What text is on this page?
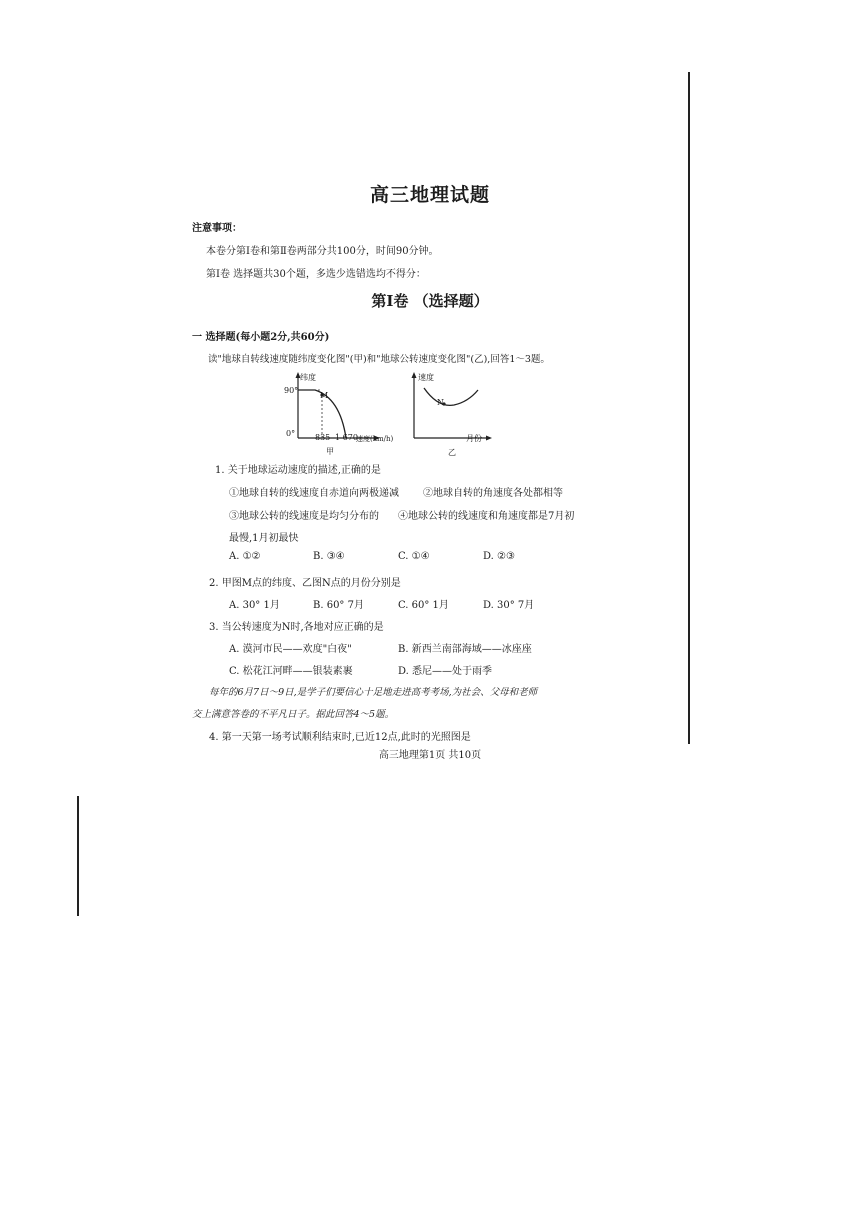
高三地理试题
注意事项：
本卷分第Ⅰ卷和第Ⅱ卷两部分共100分，时间90分钟。
第Ⅰ卷 选择题共30个题，多选少选错选均不得分：
第Ⅰ卷 （选择题）
一 选择题(每小题2分,共60分)
读"地球自转线速度随纬度变化图"(甲)和"地球公转速度变化图"(乙),回答1～3题。
纬度
90°
0°
M
835 1 670
速度(km/h)
甲
速度
N
月份
乙
1. 关于地球运动速度的描述,正确的是
①地球自转的线速度自赤道向两极递减 ②地球自转的角速度各处都相等
③地球公转的线速度是均匀分布的 ④地球公转的线速度和角速度都是7月初
最慢,1月初最快
A. ①②	B. ③④	C. ①④	D. ②③
2. 甲图M点的纬度、乙图N点的月份分别是
A. 30° 1月	B. 60° 7月	C. 60° 1月	D. 30° 7月
3. 当公转速度为N时,各地对应正确的是
A. 漠河市民——欢度"白夜"	B. 新西兰南部海域——冰座座
C. 松花江河畔——银装素裹	D. 悉尼——处于雨季
每年的6月7日～9日,是学子们要信心十足地走进高考考场,为社会、父母和老师
交上满意答卷的不平凡日子。据此回答4～5题。
4. 第一天第一场考试顺利结束时,已近12点,此时的光照图是
高三地理第1页 共10页
